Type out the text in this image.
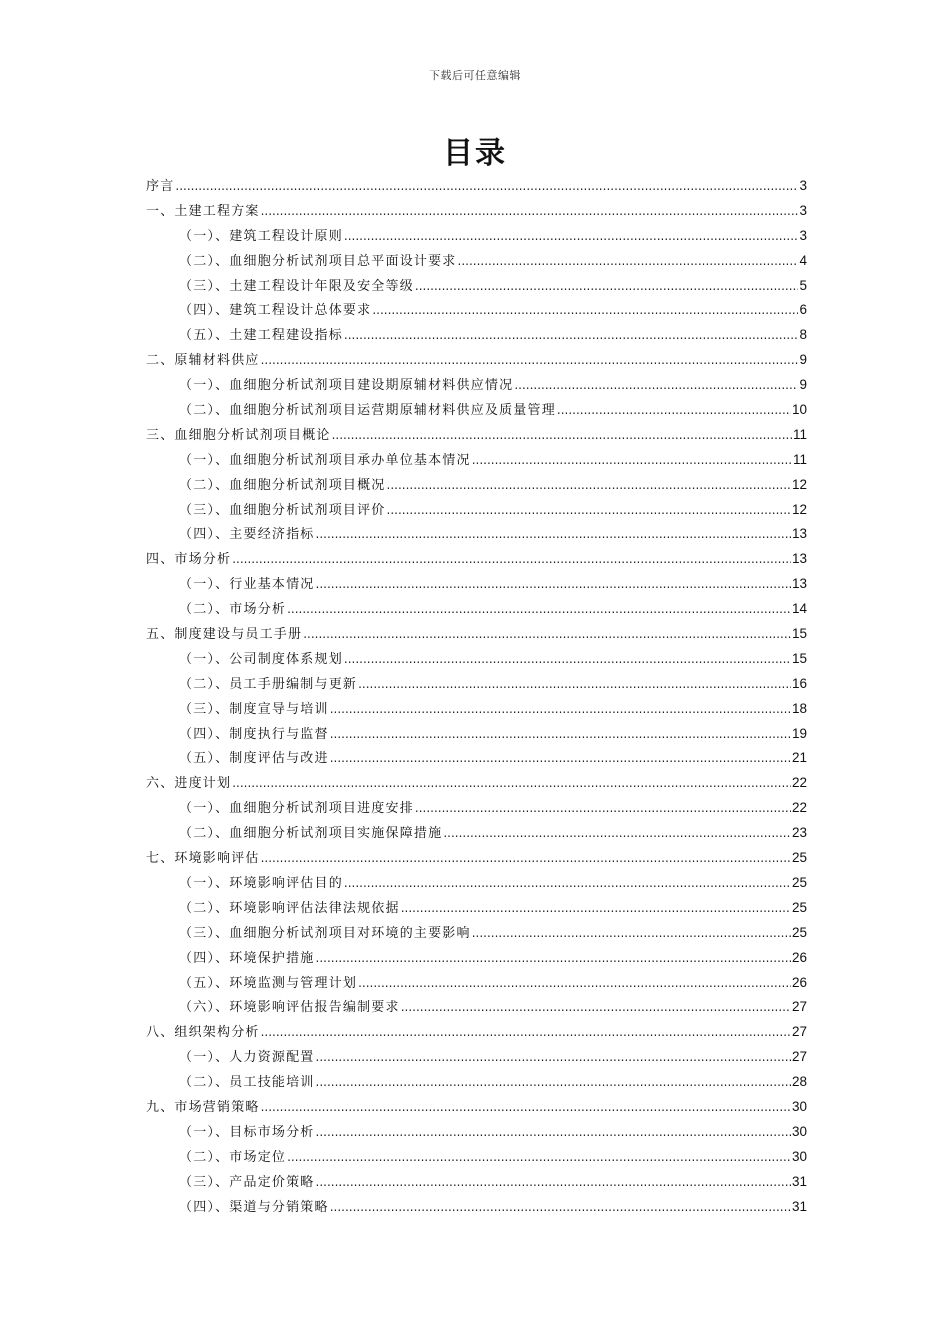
下载后可任意编辑
目录
序言 .....	3
一、土建工程方案 .....	3
（一）、建筑工程设计原则 .....	3
（二）、血细胞分析试剂项目总平面设计要求 .....	4
（三）、土建工程设计年限及安全等级 .....	5
（四）、建筑工程设计总体要求 .....	6
（五）、土建工程建设指标 .....	8
二、原辅材料供应 .....	9
（一）、血细胞分析试剂项目建设期原辅材料供应情况 .....	9
（二）、血细胞分析试剂项目运营期原辅材料供应及质量管理 .....	10
三、血细胞分析试剂项目概论 .....	11
（一）、血细胞分析试剂项目承办单位基本情况 .....	11
（二）、血细胞分析试剂项目概况 .....	12
（三）、血细胞分析试剂项目评价 .....	12
（四）、主要经济指标 .....	13
四、市场分析 .....	13
（一）、行业基本情况 .....	13
（二）、市场分析 .....	14
五、制度建设与员工手册 .....	15
（一）、公司制度体系规划 .....	15
（二）、员工手册编制与更新 .....	16
（三）、制度宣导与培训 .....	18
（四）、制度执行与监督 .....	19
（五）、制度评估与改进 .....	21
六、进度计划 .....	22
（一）、血细胞分析试剂项目进度安排 .....	22
（二）、血细胞分析试剂项目实施保障措施 .....	23
七、环境影响评估 .....	25
（一）、环境影响评估目的 .....	25
（二）、环境影响评估法律法规依据 .....	25
（三）、血细胞分析试剂项目对环境的主要影响 .....	25
（四）、环境保护措施 .....	26
（五）、环境监测与管理计划 .....	26
（六）、环境影响评估报告编制要求 .....	27
八、组织架构分析 .....	27
（一）、人力资源配置 .....	27
（二）、员工技能培训 .....	28
九、市场营销策略 .....	30
（一）、目标市场分析 .....	30
（二）、市场定位 .....	30
（三）、产品定价策略 .....	31
（四）、渠道与分销策略 .....	31
